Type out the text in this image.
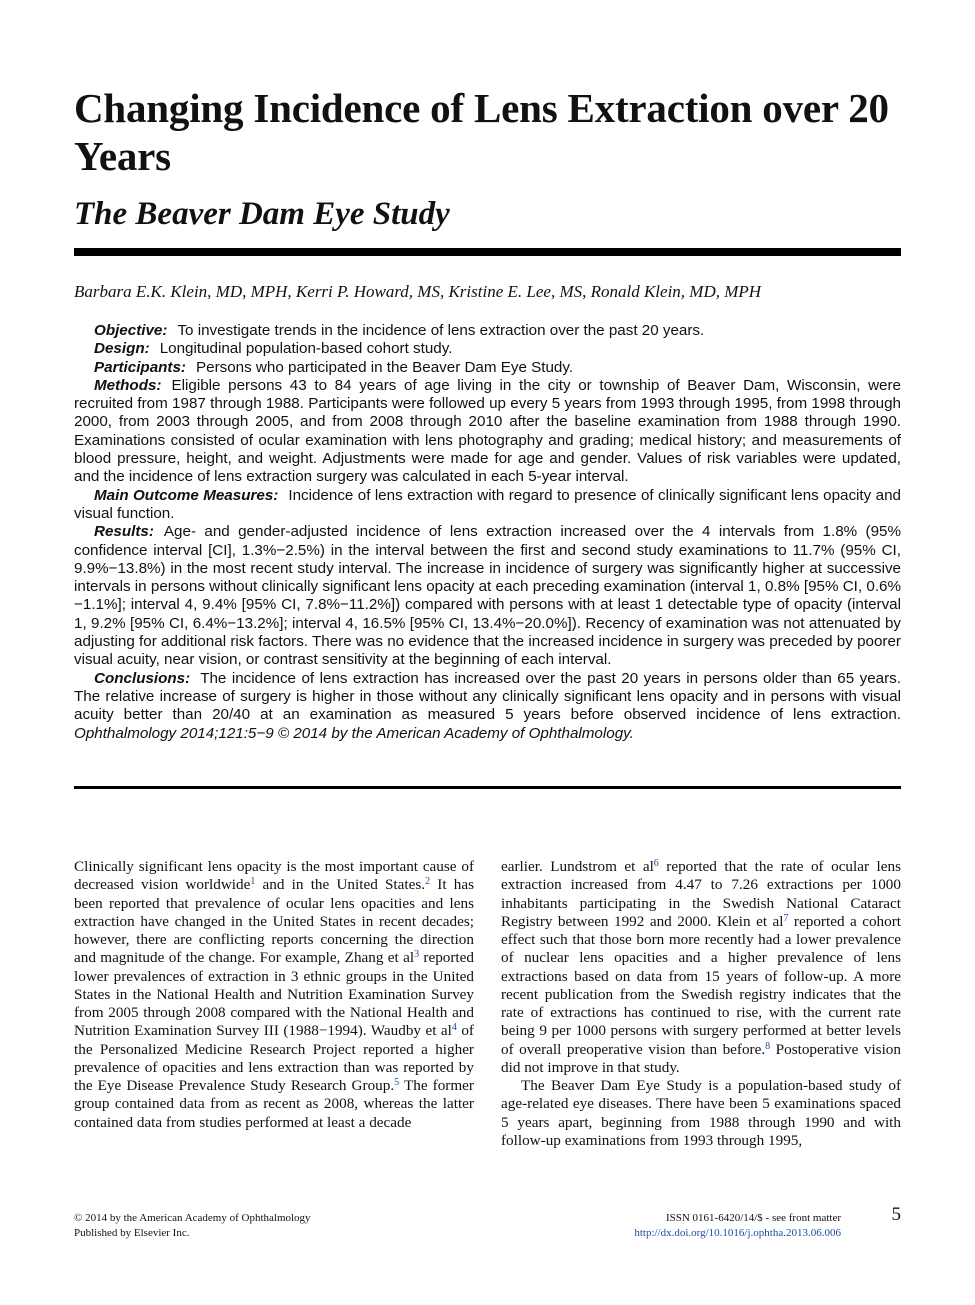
Changing Incidence of Lens Extraction over 20 Years
The Beaver Dam Eye Study

Barbara E.K. Klein, MD, MPH, Kerri P. Howard, MS, Kristine E. Lee, MS, Ronald Klein, MD, MPH

Objective: To investigate trends in the incidence of lens extraction over the past 20 years.

Design: Longitudinal population-based cohort study.

Participants: Persons who participated in the Beaver Dam Eye Study.

Methods: Eligible persons 43 to 84 years of age living in the city or township of Beaver Dam, Wisconsin, were recruited from 1987 through 1988. Participants were followed up every 5 years from 1993 through 1995, from 1998 through 2000, from 2003 through 2005, and from 2008 through 2010 after the baseline examination from 1988 through 1990. Examinations consisted of ocular examination with lens photography and grading; medical history; and measurements of blood pressure, height, and weight. Adjustments were made for age and gender. Values of risk variables were updated, and the incidence of lens extraction surgery was calculated in each 5-year interval.

Main Outcome Measures: Incidence of lens extraction with regard to presence of clinically significant lens opacity and visual function.

Results: Age- and gender-adjusted incidence of lens extraction increased over the 4 intervals from 1.8% (95% confidence interval [CI], 1.3%−2.5%) in the interval between the first and second study examinations to 11.7% (95% CI, 9.9%−13.8%) in the most recent study interval. The increase in incidence of surgery was significantly higher at successive intervals in persons without clinically significant lens opacity at each preceding examination (interval 1, 0.8% [95% CI, 0.6%−1.1%]; interval 4, 9.4% [95% CI, 7.8%−11.2%]) compared with persons with at least 1 detectable type of opacity (interval 1, 9.2% [95% CI, 6.4%−13.2%]; interval 4, 16.5% [95% CI, 13.4%−20.0%]). Recency of examination was not attenuated by adjusting for additional risk factors. There was no evidence that the increased incidence in surgery was preceded by poorer visual acuity, near vision, or contrast sensitivity at the beginning of each interval.

Conclusions: The incidence of lens extraction has increased over the past 20 years in persons older than 65 years. The relative increase of surgery is higher in those without any clinically significant lens opacity and in persons with visual acuity better than 20/40 at an examination as measured 5 years before observed incidence of lens extraction. Ophthalmology 2014;121:5−9 © 2014 by the American Academy of Ophthalmology.

Clinically significant lens opacity is the most important cause of decreased vision worldwide$^1$ and in the United States.$^2$ It has been reported that prevalence of ocular lens opacities and lens extraction have changed in the United States in recent decades; however, there are conflicting reports concerning the direction and magnitude of the change. For example, Zhang et $al^3$ reported lower prevalences of extraction in 3 ethnic groups in the United States in the National Health and Nutrition Examination Survey from 2005 through 2008 compared with the National Health and Nutrition Examination Survey III (1988−1994). Waudby et $al^4$ of the Personalized Medicine Research Project reported a higher prevalence of opacities and lens extraction than was reported by the Eye Disease Prevalence Study Research Group.$^5$ The former group contained data from as recent as 2008, whereas the latter contained data from studies performed at least a decade

earlier. Lundstrom et $al^6$ reported that the rate of ocular lens extraction increased from 4.47 to 7.26 extractions per 1000 inhabitants participating in the Swedish National Cataract Registry between 1992 and 2000. Klein et $al^7$ reported a cohort effect such that those born more recently had a lower prevalence of nuclear lens opacities and a higher prevalence of lens extractions based on data from 15 years of follow-up. A more recent publication from the Swedish registry indicates that the rate of extractions has continued to rise, with the current rate being 9 per 1000 persons with surgery performed at better levels of overall preoperative vision than before.$^8$ Postoperative vision did not improve in that study.

The Beaver Dam Eye Study is a population-based study of age-related eye diseases. There have been 5 examinations spaced 5 years apart, beginning from 1988 through 1990 and with follow-up examinations from 1993 through 1995,

© 2014 by the American Academy of Ophthalmology
Published by Elsevier Inc.
ISSN 0161-6420/14/$ - see front matter
http://dx.doi.org/10.1016/j.ophtha.2013.06.006
5
